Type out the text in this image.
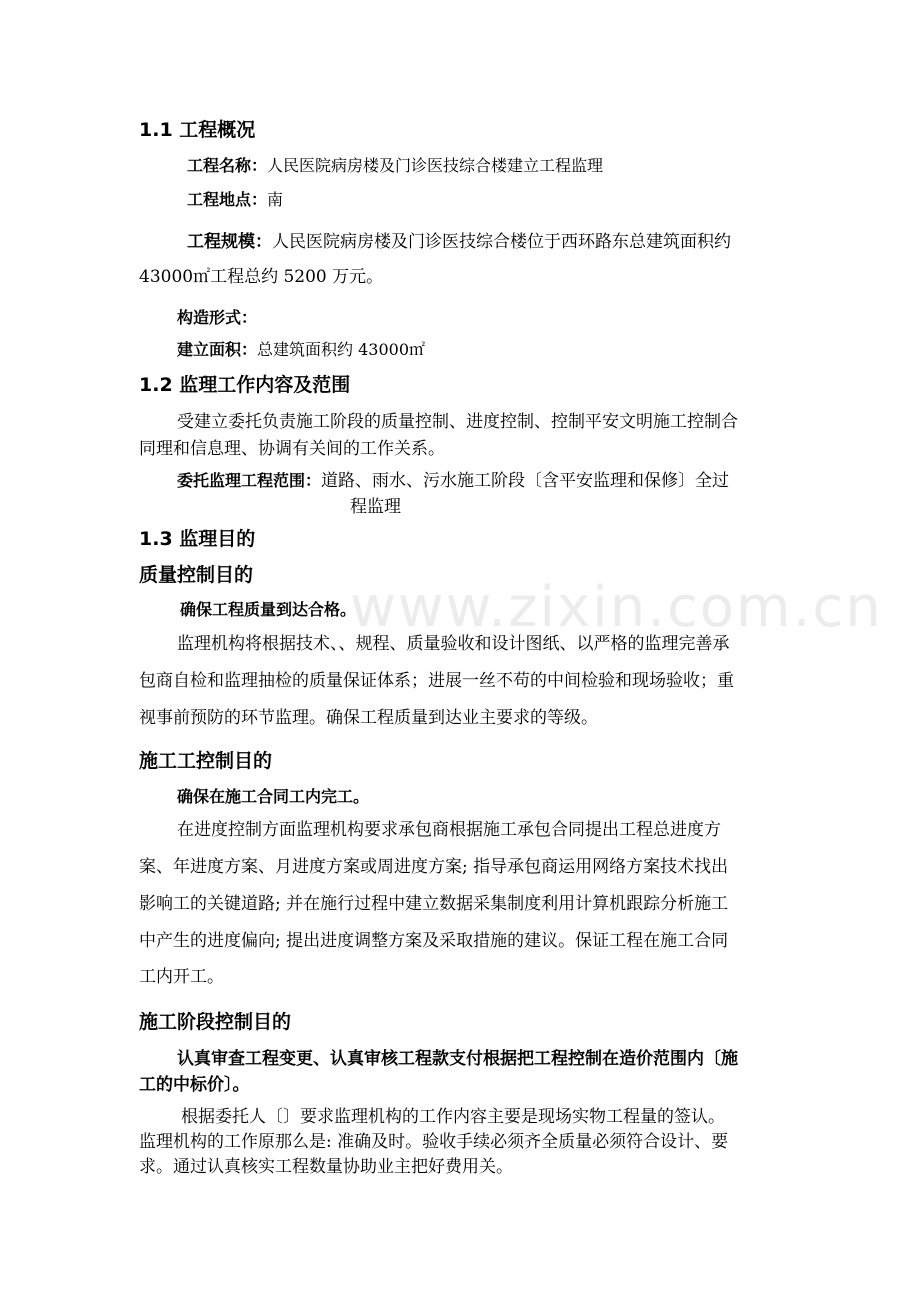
www.zixin.com.cn
1.1 工程概况
工程名称：人民医院病房楼及门诊医技综合楼建立工程监理
工程地点：南
工程规模：人民医院病房楼及门诊医技综合楼位于西环路东总建筑面积约
43000㎡工程总约 5200 万元。
构造形式：
建立面积：总建筑面积约 43000㎡
1.2 监理工作内容及范围
受建立委托负责施工阶段的质量控制、进度控制、控制平安文明施工控制合
同理和信息理、协调有关间的工作关系。
委托监理工程范围：道路、雨水、污水施工阶段〔含平安监理和保修〕全过
程监理
1.3 监理目的
质量控制目的
确保工程质量到达合格。
监理机构将根据技术、、规程、质量验收和设计图纸、以严格的监理完善承
包商自检和监理抽检的质量保证体系；进展一丝不苟的中间检验和现场验收；重
视事前预防的环节监理。确保工程质量到达业主要求的等级。
施工工控制目的
确保在施工合同工内完工。
在进度控制方面监理机构要求承包商根据施工承包合同提出工程总进度方
案、年进度方案、月进度方案或周进度方案; 指导承包商运用网络方案技术找出
影响工的关键道路; 并在施行过程中建立数据采集制度利用计算机跟踪分析施工
中产生的进度偏向; 提出进度调整方案及采取措施的建议。保证工程在施工合同
工内开工。
施工阶段控制目的
认真审查工程变更、认真审核工程款支付根据把工程控制在造价范围内〔施
工的中标价〕。
根据委托人〔〕要求监理机构的工作内容主要是现场实物工程量的签认。
监理机构的工作原那么是: 准确及时。验收手续必须齐全质量必须符合设计、要
求。通过认真核实工程数量协助业主把好费用关。
